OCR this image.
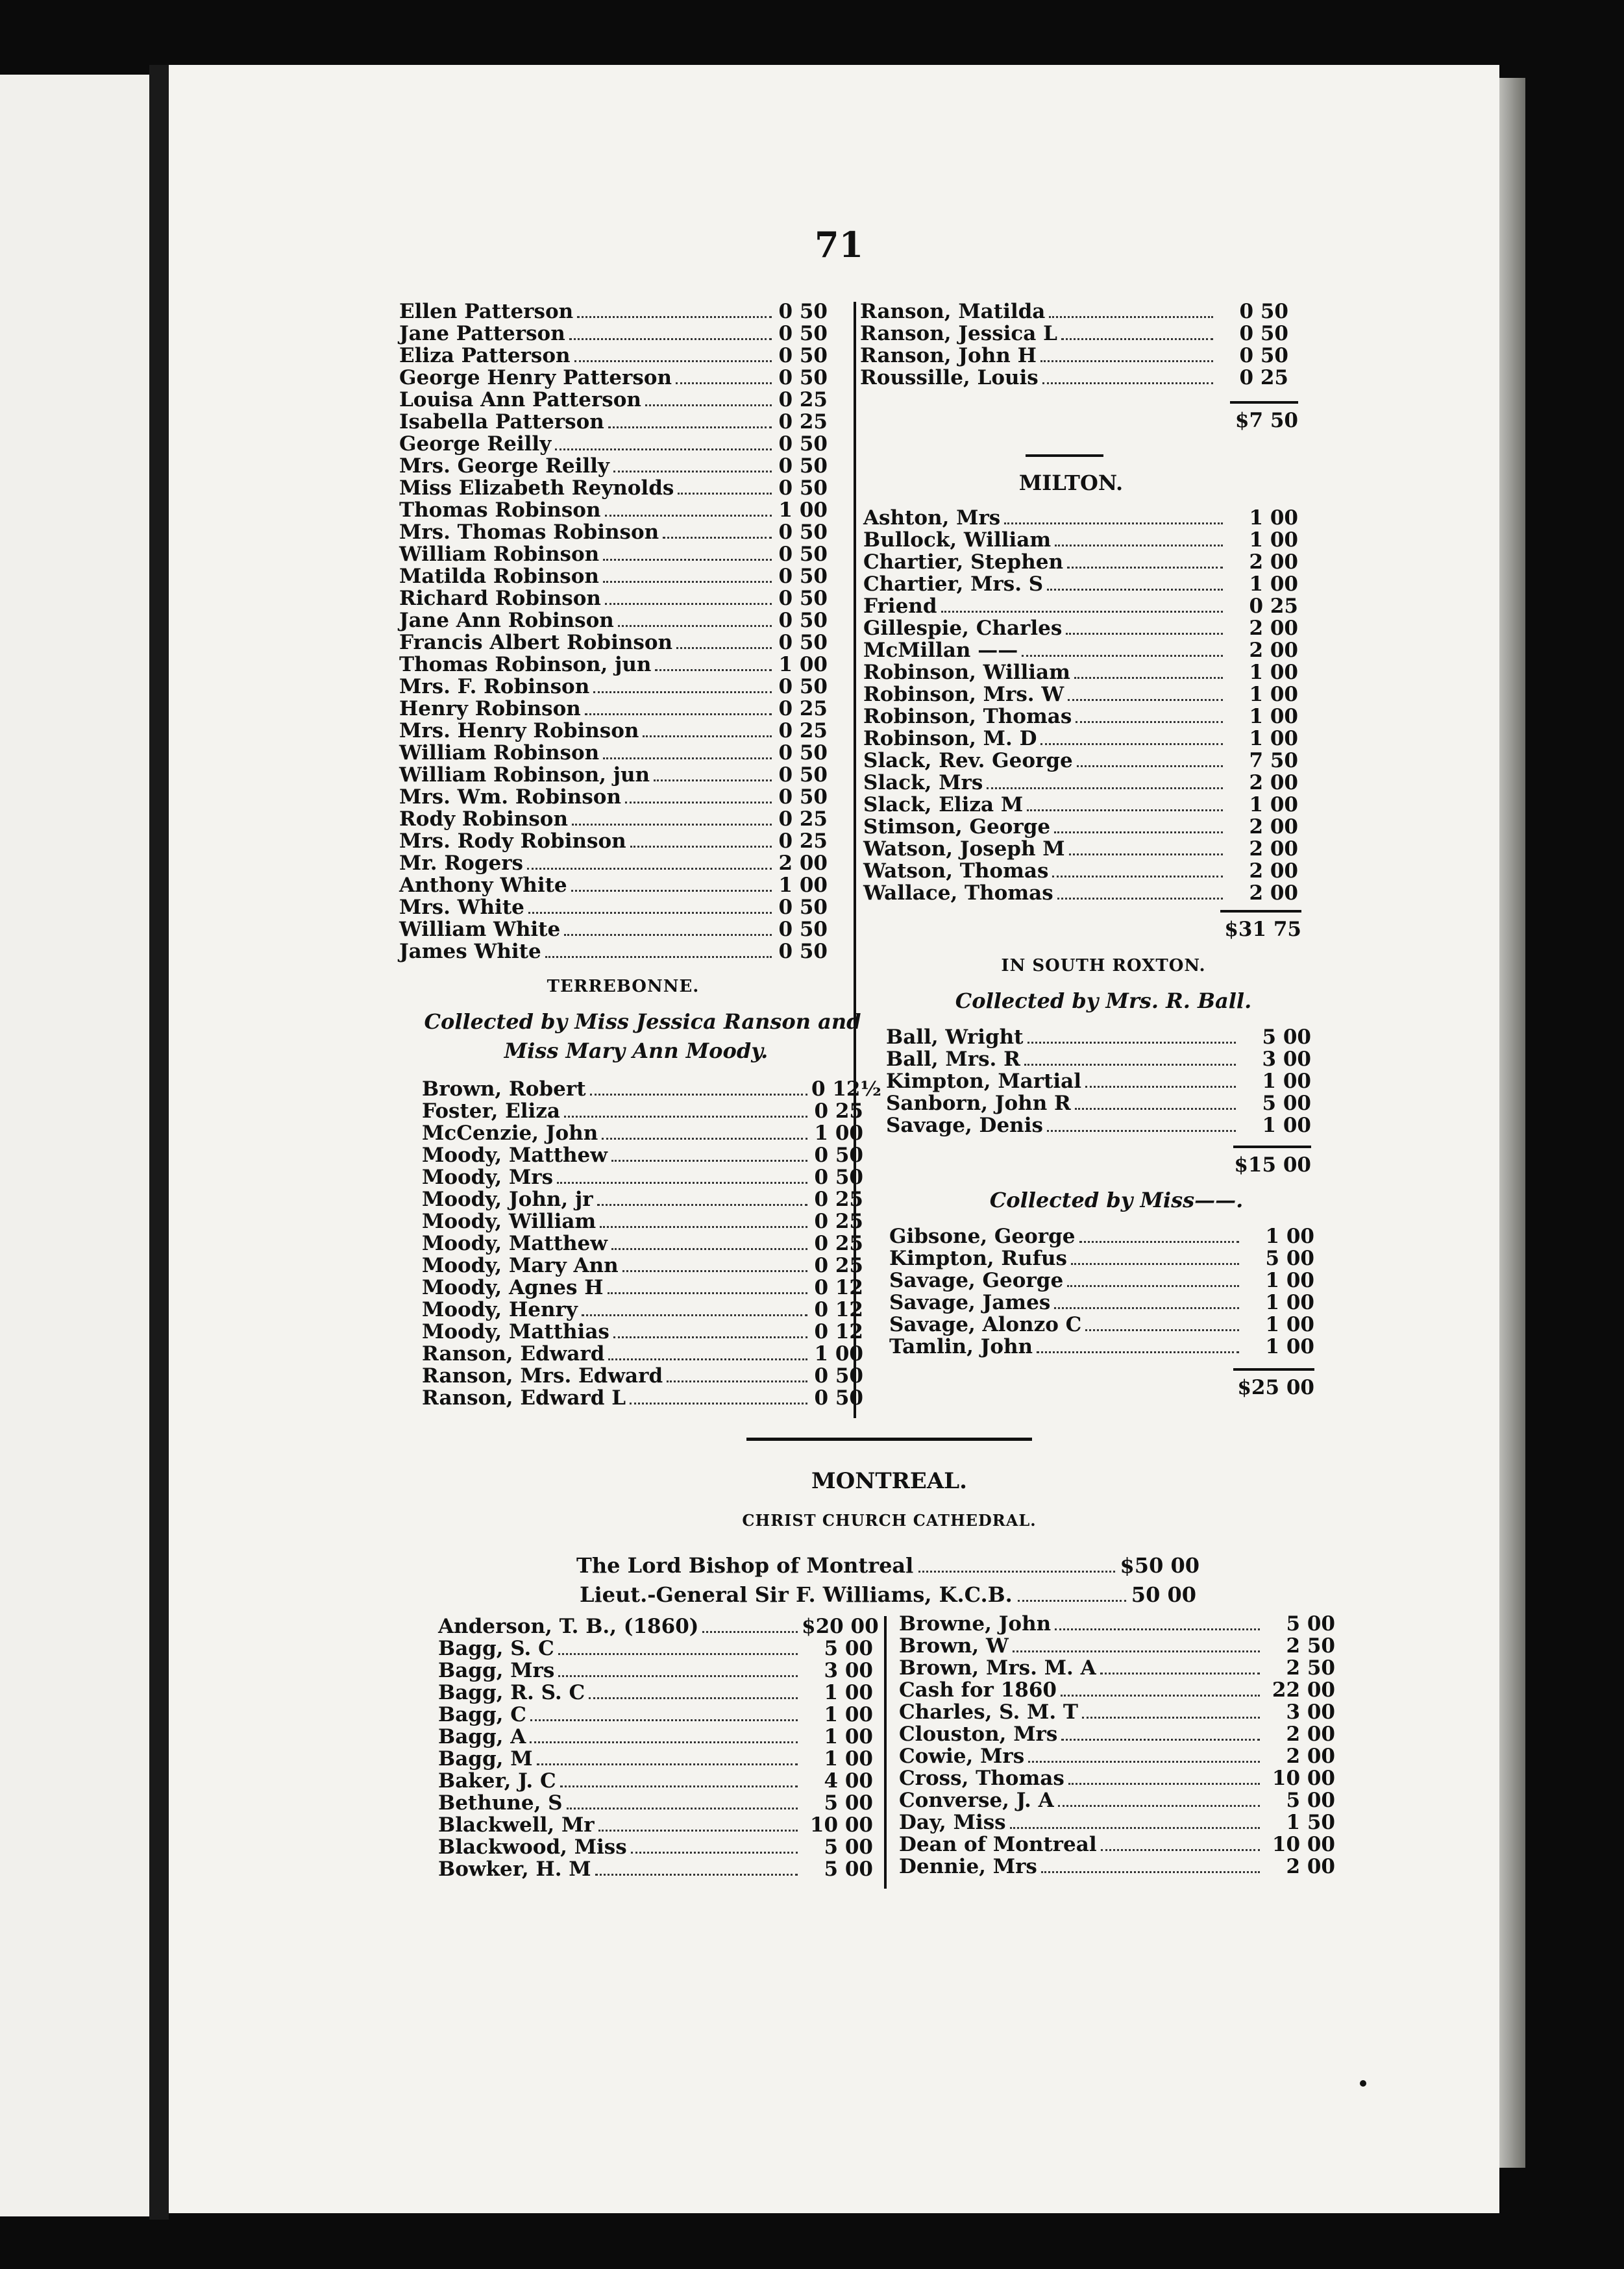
71
Ellen Patterson	0 50
Jane Patterson	0 50
Eliza Patterson	0 50
George Henry Patterson	0 50
Louisa Ann Patterson	0 25
Isabella Patterson	0 25
George Reilly	0 50
Mrs. George Reilly	0 50
Miss Elizabeth Reynolds	0 50
Thomas Robinson	1 00
Mrs. Thomas Robinson	0 50
William Robinson	0 50
Matilda Robinson	0 50
Richard Robinson	0 50
Jane Ann Robinson	0 50
Francis Albert Robinson	0 50
Thomas Robinson, jun	1 00
Mrs. F. Robinson	0 50
Henry Robinson	0 25
Mrs. Henry Robinson	0 25
William Robinson	0 50
William Robinson, jun	0 50
Mrs. Wm. Robinson	0 50
Rody Robinson	0 25
Mrs. Rody Robinson	0 25
Mr. Rogers	2 00
Anthony White	1 00
Mrs. White	0 50
William White	0 50
James White	0 50
TERREBONNE.
Collected by Miss Jessica Ranson and
Miss Mary Ann Moody.
Brown, Robert	0 12½
Foster, Eliza	0 25
McCenzie, John	1 00
Moody, Matthew	0 50
Moody, Mrs	0 50
Moody, John, jr	0 25
Moody, William	0 25
Moody, Matthew	0 25
Moody, Mary Ann	0 25
Moody, Agnes H	0 12
Moody, Henry	0 12
Moody, Matthias	0 12
Ranson, Edward	1 00
Ranson, Mrs. Edward	0 50
Ranson, Edward L	0 50
Ranson, Matilda	0 50
Ranson, Jessica L	0 50
Ranson, John H	0 50
Roussille, Louis	0 25
$7 50
MILTON.
Ashton, Mrs	1 00
Bullock, William	1 00
Chartier, Stephen	2 00
Chartier, Mrs. S	1 00
Friend	0 25
Gillespie, Charles	2 00
McMillan ——	2 00
Robinson, William	1 00
Robinson, Mrs. W	1 00
Robinson, Thomas	1 00
Robinson, M. D	1 00
Slack, Rev. George	7 50
Slack, Mrs	2 00
Slack, Eliza M	1 00
Stimson, George	2 00
Watson, Joseph M	2 00
Watson, Thomas	2 00
Wallace, Thomas	2 00
$31 75
IN SOUTH ROXTON.
Collected by Mrs. R. Ball.
Ball, Wright	5 00
Ball, Mrs. R	3 00
Kimpton, Martial	1 00
Sanborn, John R	5 00
Savage, Denis	1 00
$15 00
Collected by Miss——.
Gibsone, George	1 00
Kimpton, Rufus	5 00
Savage, George	1 00
Savage, James	1 00
Savage, Alonzo C	1 00
Tamlin, John	1 00
$25 00
MONTREAL.
CHRIST CHURCH CATHEDRAL.
The Lord Bishop of Montreal	$50 00
Lieut.-General Sir F. Williams, K.C.B.	50 00
Anderson, T. B., (1860)	$20 00
Bagg, S. C	5 00
Bagg, Mrs	3 00
Bagg, R. S. C	1 00
Bagg, C	1 00
Bagg, A	1 00
Bagg, M	1 00
Baker, J. C	4 00
Bethune, S	5 00
Blackwell, Mr	10 00
Blackwood, Miss	5 00
Bowker, H. M	5 00
Browne, John	5 00
Brown, W	2 50
Brown, Mrs. M. A	2 50
Cash for 1860	22 00
Charles, S. M. T	3 00
Clouston, Mrs	2 00
Cowie, Mrs	2 00
Cross, Thomas	10 00
Converse, J. A	5 00
Day, Miss	1 50
Dean of Montreal	10 00
Dennie, Mrs	2 00
